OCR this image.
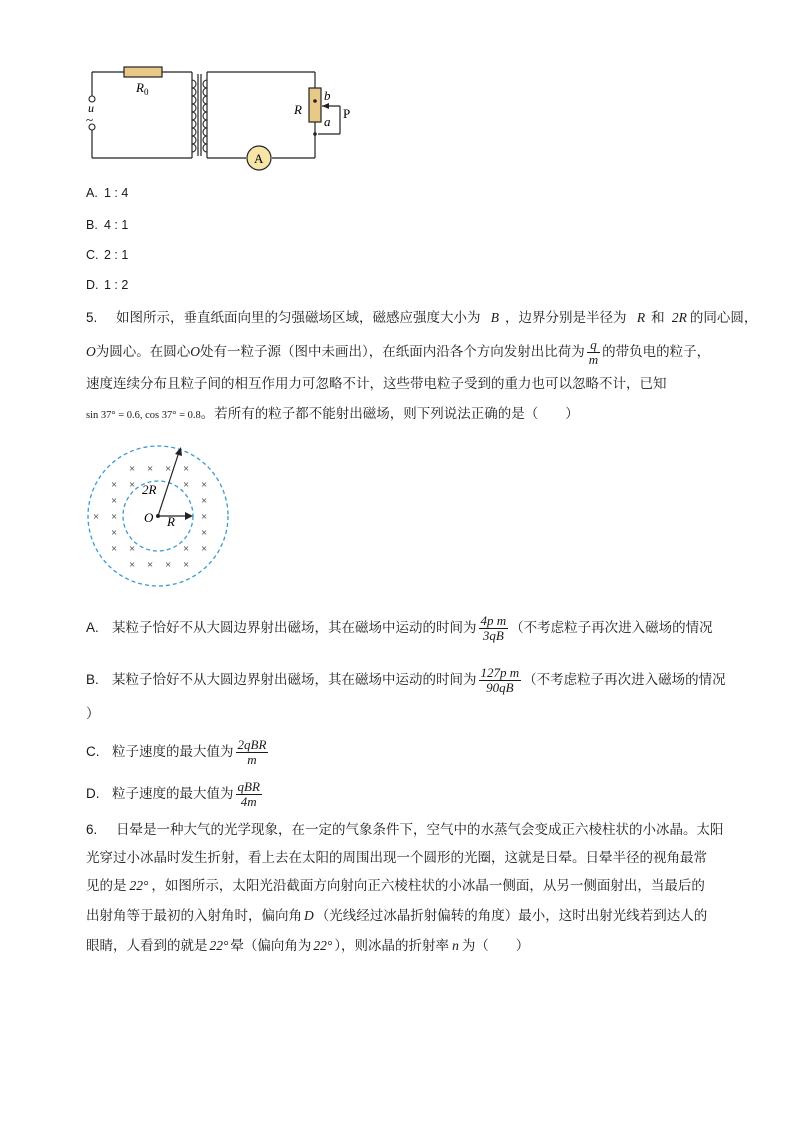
$R_0$
u
~
R
b
a
P
A
A. 1 : 4
B. 4 : 1
C. 2 : 1
D. 1 : 2
5. 如图所示，垂直纸面向里的匀强磁场区域，磁感应强度大小为 B ，边界分别是半径为 R 和 2R 的同心圆，
O为圆心。在圆心O处有一粒子源（图中未画出），在纸面内沿各个方向发射出比荷为 $\frac{q}{m}$ 的带负电的粒子，
速度连续分布且粒子间的相互作用力可忽略不计，这些带电粒子受到的重力也可以忽略不计，已知
sin 37° = 0.6, cos 37° = 0.8。若所有的粒子都不能射出磁场，则下列说法正确的是（　　）
× × × ×
× ×	× ×
×	×
× ×	×
×	×
× ×	× ×
× × × ×
2R
O R
A. 某粒子恰好不从大圆边界射出磁场，其在磁场中运动的时间为 $\frac{\text{4p m}}{3qB}$ （不考虑粒子再次进入磁场的情况
B. 某粒子恰好不从大圆边界射出磁场，其在磁场中运动的时间为 $\frac{\text{127p m}}{90qB}$ （不考虑粒子再次进入磁场的情况
）
C. 粒子速度的最大值为 $\frac{\text{2qBR}}{m}$
D. 粒子速度的最大值为 $\frac{\text{qBR}}{4m}$
6. 日晕是一种大气的光学现象，在一定的气象条件下，空气中的水蒸气会变成正六棱柱状的小冰晶。太阳
光穿过小冰晶时发生折射，看上去在太阳的周围出现一个圆形的光圈，这就是日晕。日晕半径的视角最常
见的是 22° ，如图所示，太阳光沿截面方向射向正六棱柱状的小冰晶一侧面，从另一侧面射出，当最后的
出射角等于最初的入射角时，偏向角 D （光线经过冰晶折射偏转的角度）最小，这时出射光线若到达人的
眼睛，人看到的就是 22° 晕（偏向角为 22° ），则冰晶的折射率 n 为（　　）
